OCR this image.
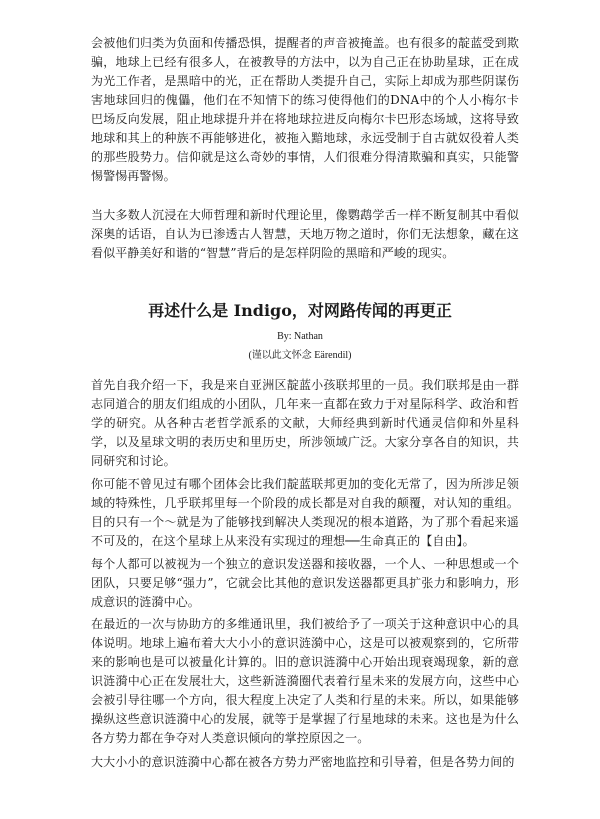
会被他们归类为负面和传播恐惧，提醒者的声音被掩盖。也有很多的靛蓝受到欺骗，地球上已经有很多人，在被教导的方法中，以为自己正在协助星球，正在成为光工作者，是黑暗中的光，正在帮助人类提升自己，实际上却成为那些阴谋伤害地球回归的傀儡，他们在不知情下的练习使得他们的DNA中的个人小梅尔卡巴场反向发展，阻止地球提升并在将地球拉进反向梅尔卡巴形态场域，这将导致地球和其上的种族不再能够进化，被拖入黯地球，永远受制于自古就奴役着人类的那些股势力。信仰就是这么奇妙的事情，人们很难分得清欺骗和真实，只能警惕警惕再警惕。

当大多数人沉浸在大师哲理和新时代理论里，像鹦鹉学舌一样不断复制其中看似深奥的话语，自认为已渗透古人智慧，天地万物之道时，你们无法想象，藏在这看似平静美好和谐的“智慧”背后的是怎样阴险的黑暗和严峻的现实。

再述什么是 Indigo，对网路传闻的再更正

By: Nathan

(谨以此文怀念 Eärendil)

首先自我介绍一下，我是来自亚洲区靛蓝小孩联邦里的一员。我们联邦是由一群志同道合的朋友们组成的小团队，几年来一直都在致力于对星际科学、政治和哲学的研究。从各种古老哲学派系的文献，大师经典到新时代通灵信仰和外星科学，以及星球文明的表历史和里历史，所涉领域广泛。大家分享各自的知识，共同研究和讨论。

你可能不曾见过有哪个团体会比我们靛蓝联邦更加的变化无常了，因为所涉足领域的特殊性，几乎联邦里每一个阶段的成长都是对自我的颠覆，对认知的重组。目的只有一个～就是为了能够找到解决人类现况的根本道路，为了那个看起来遥不可及的，在这个星球上从来没有实现过的理想──生命真正的【自由】。

每个人都可以被视为一个独立的意识发送器和接收器，一个人、一种思想或一个团队，只要足够“强力”，它就会比其他的意识发送器都更具扩张力和影响力，形成意识的涟漪中心。

在最近的一次与协助方的多维通讯里，我们被给予了一项关于这种意识中心的具体说明。地球上遍布着大大小小的意识涟漪中心，这是可以被观察到的，它所带来的影响也是可以被量化计算的。旧的意识涟漪中心开始出现衰竭现象，新的意识涟漪中心正在发展壮大，这些新涟漪圈代表着行星未来的发展方向，这些中心会被引导往哪一个方向，很大程度上决定了人类和行星的未来。所以，如果能够操纵这些意识涟漪中心的发展，就等于是掌握了行星地球的未来。这也是为什么各方势力都在争夺对人类意识倾向的掌控原因之一。

大大小小的意识涟漪中心都在被各方势力严密地监控和引导着，但是各势力间的
